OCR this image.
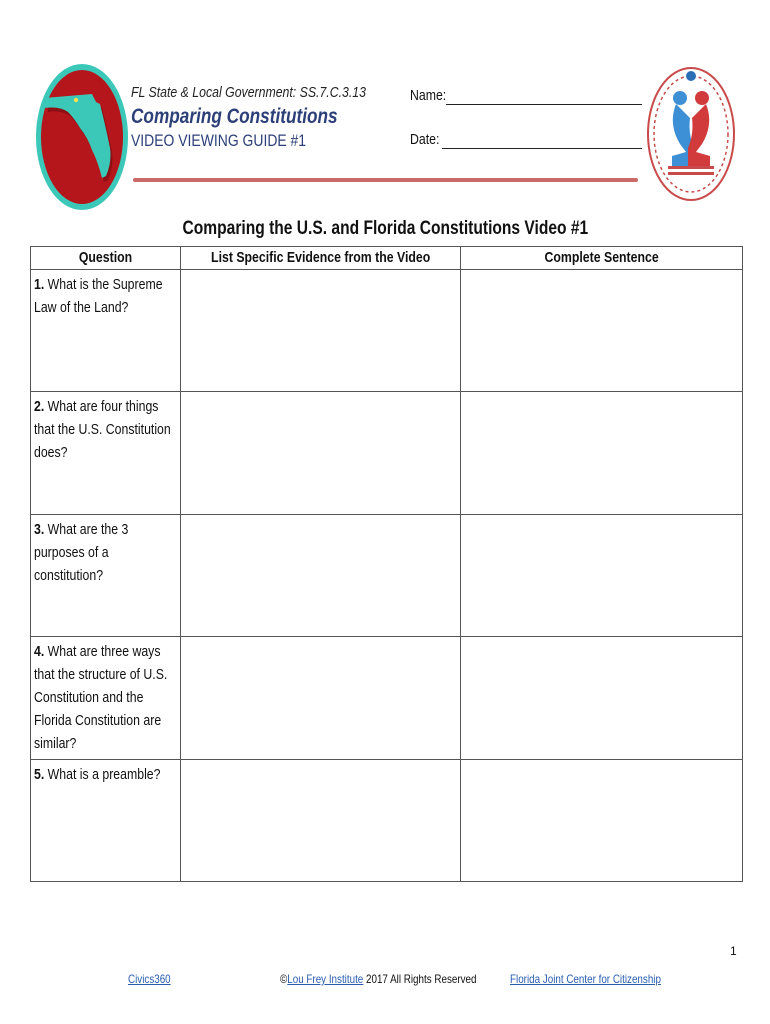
FL State & Local Government: SS.7.C.3.13
Comparing Constitutions
VIDEO VIEWING GUIDE #1
Name:
Date:
Comparing the U.S. and Florida Constitutions Video #1
Question	List Specific Evidence from the Video	Complete Sentence

1. What is the Supreme Law of the Land?		

2. What are four things that the U.S. Constitution does?		

3. What are the 3 purposes of a constitution?		

4. What are three ways that the structure of U.S. Constitution and the Florida Constitution are similar?		

5. What is a preamble?		

1
Civics360	©Lou Frey Institute 2017 All Rights Reserved	Florida Joint Center for Citizenship
